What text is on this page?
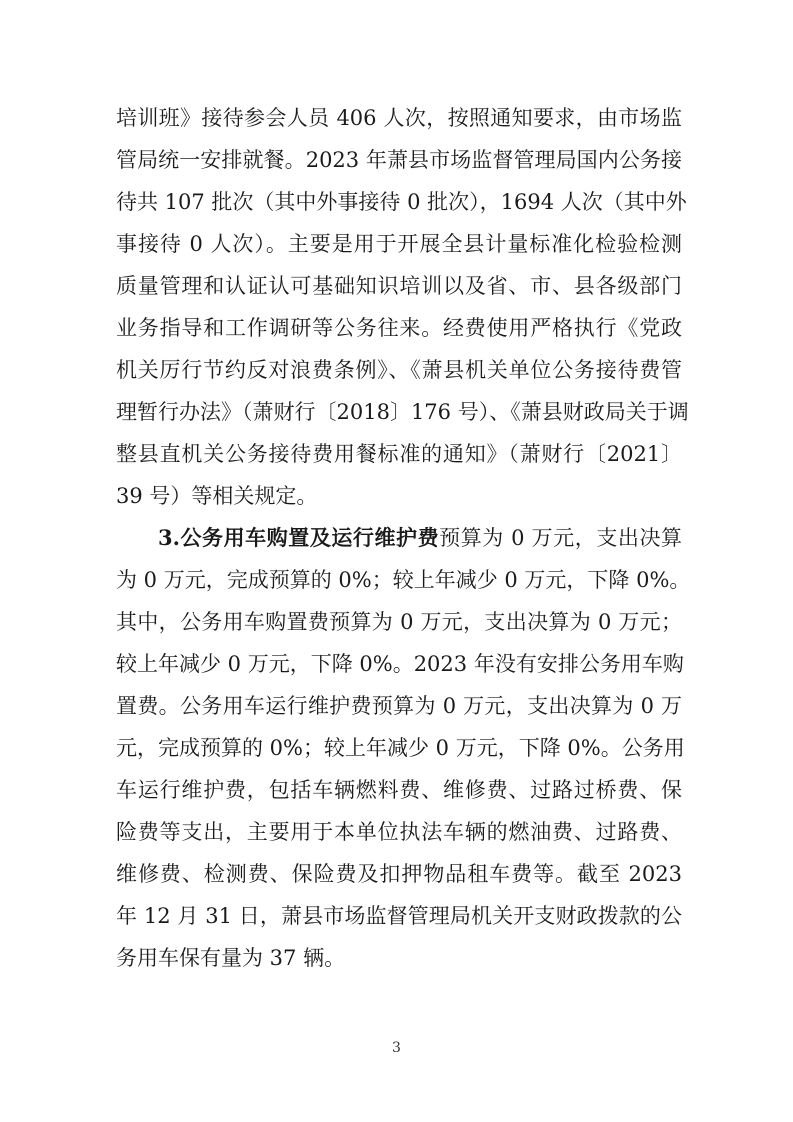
培训班》接待参会人员 406 人次，按照通知要求，由市场监
管局统一安排就餐。2023 年萧县市场监督管理局国内公务接
待共 107 批次（其中外事接待 0 批次），1694 人次（其中外
事接待 0 人次）。主要是用于开展全县计量标准化检验检测
质量管理和认证认可基础知识培训以及省、市、县各级部门
业务指导和工作调研等公务往来。经费使用严格执行《党政
机关厉行节约反对浪费条例》、《萧县机关单位公务接待费管
理暂行办法》（萧财行〔2018〕176 号）、《萧县财政局关于调
整县直机关公务接待费用餐标准的通知》（萧财行〔2021〕
39 号）等相关规定。
3.公务用车购置及运行维护费预算为 0 万元，支出决算
为 0 万元，完成预算的 0%；较上年减少 0 万元，下降 0%。
其中，公务用车购置费预算为 0 万元，支出决算为 0 万元；
较上年减少 0 万元，下降 0%。2023 年没有安排公务用车购
置费。公务用车运行维护费预算为 0 万元，支出决算为 0 万
元，完成预算的 0%；较上年减少 0 万元，下降 0%。公务用
车运行维护费，包括车辆燃料费、维修费、过路过桥费、保
险费等支出，主要用于本单位执法车辆的燃油费、过路费、
维修费、检测费、保险费及扣押物品租车费等。截至 2023
年 12 月 31 日，萧县市场监督管理局机关开支财政拨款的公
务用车保有量为 37 辆。
3
